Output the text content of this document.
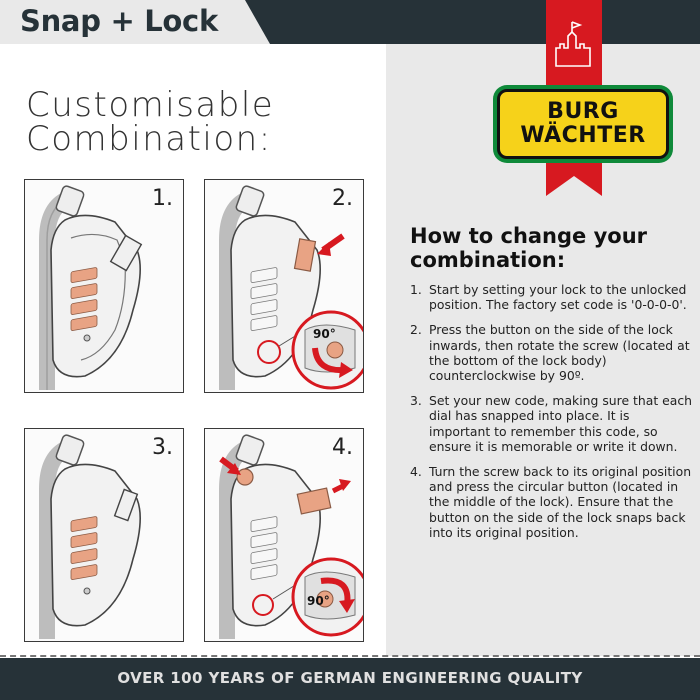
Snap + Lock
Customisable
Combination:
1.
90°
2.
3.
90°
4.
BURG
WÄCHTER
How to change your combination:
1. Start by setting your lock to the unlocked position. The factory set code is '0-0-0-0'.
2. Press the button on the side of the lock inwards, then rotate the screw (located at the bottom of the lock body) counterclockwise by 90º.
3. Set your new code, making sure that each dial has snapped into place. It is important to remember this code, so ensure it is memorable or write it down.
4. Turn the screw back to its original position and press the circular button (located in the middle of the lock). Ensure that the button on the side of the lock snaps back into its original position.
OVER 100 YEARS OF GERMAN ENGINEERING QUALITY
